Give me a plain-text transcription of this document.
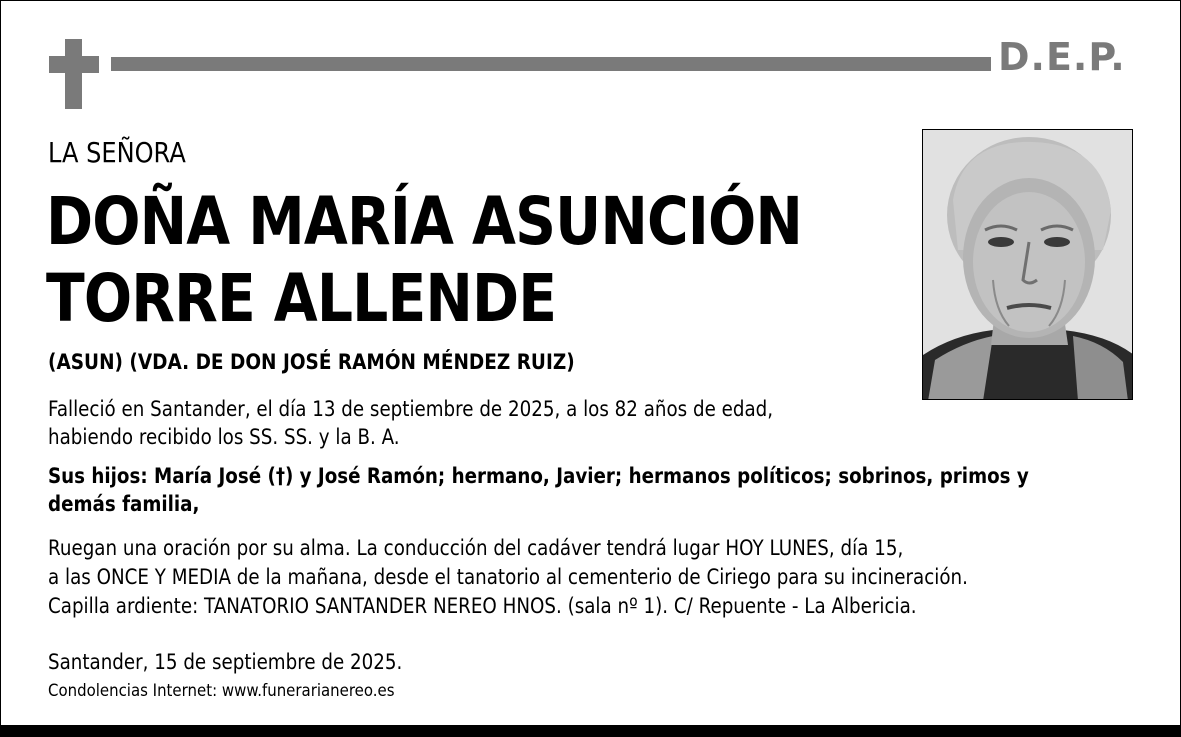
D.E.P.
LA SEÑORA
DOÑA MARÍA ASUNCIÓN
TORRE ALLENDE
(ASUN) (VDA. DE DON JOSÉ RAMÓN MÉNDEZ RUIZ)
Falleció en Santander, el día 13 de septiembre de 2025, a los 82 años de edad,
habiendo recibido los SS. SS. y la B. A.
Sus hijos: María José (†) y José Ramón; hermano, Javier; hermanos políticos; sobrinos, primos y demás familia,
Ruegan una oración por su alma. La conducción del cadáver tendrá lugar HOY LUNES, día 15,
a las ONCE Y MEDIA de la mañana, desde el tanatorio al cementerio de Ciriego para su incineración.
Capilla ardiente: TANATORIO SANTANDER NEREO HNOS. (sala nº 1). C/ Repuente - La Albericia.
Santander, 15 de septiembre de 2025.
Condolencias Internet: www.funerarianereo.es
